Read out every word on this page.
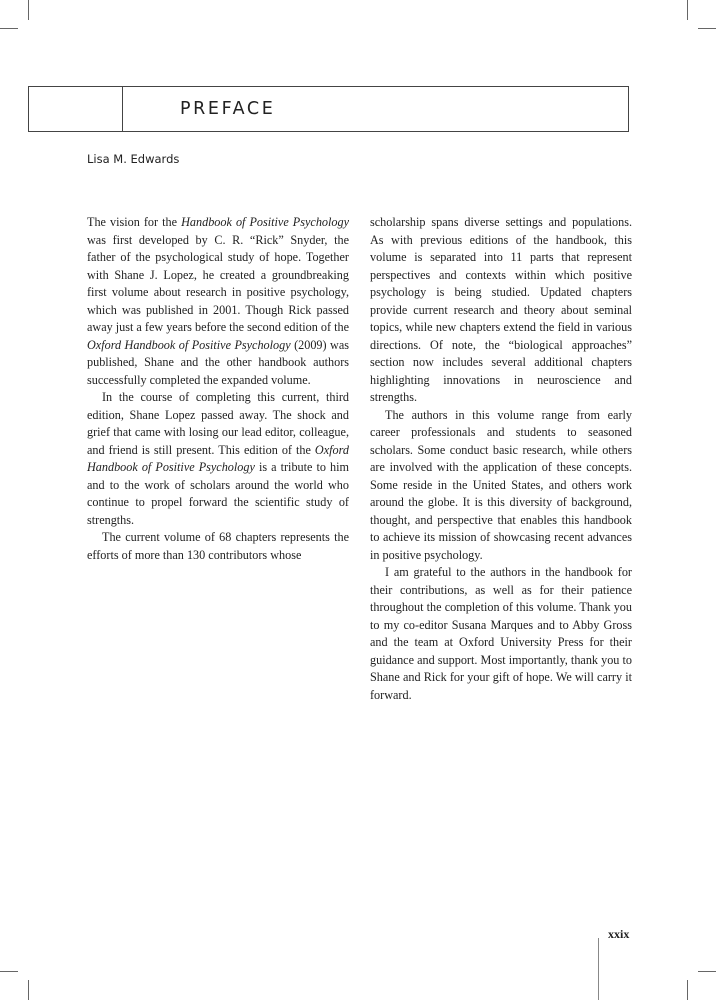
PREFACE
Lisa M. Edwards

The vision for the Handbook of Positive Psychology was first developed by C. R. “Rick” Snyder, the father of the psychological study of hope. Together with Shane J. Lopez, he created a groundbreaking first volume about research in positive psychology, which was published in 2001. Though Rick passed away just a few years before the second edition of the Oxford Handbook of Positive Psychology (2009) was published, Shane and the other handbook authors successfully completed the expanded volume.

In the course of completing this current, third edition, Shane Lopez passed away. The shock and grief that came with losing our lead editor, colleague, and friend is still present. This edition of the Oxford Handbook of Positive Psychology is a tribute to him and to the work of scholars around the world who continue to propel forward the scientific study of strengths.

The current volume of 68 chapters represents the efforts of more than 130 contributors whose

scholarship spans diverse settings and populations. As with previous editions of the handbook, this volume is separated into 11 parts that represent perspectives and contexts within which positive psychology is being studied. Updated chapters provide current research and theory about seminal topics, while new chapters extend the field in various directions. Of note, the “biological approaches” section now includes several additional chapters highlighting innovations in neuroscience and strengths.

The authors in this volume range from early career professionals and students to seasoned scholars. Some conduct basic research, while others are involved with the application of these concepts. Some reside in the United States, and others work around the globe. It is this diversity of background, thought, and perspective that enables this handbook to achieve its mission of showcasing recent advances in positive psychology.

I am grateful to the authors in the handbook for their contributions, as well as for their patience throughout the completion of this volume. Thank you to my co-editor Susana Marques and to Abby Gross and the team at Oxford University Press for their guidance and support. Most importantly, thank you to Shane and Rick for your gift of hope. We will carry it forward.

xxix
